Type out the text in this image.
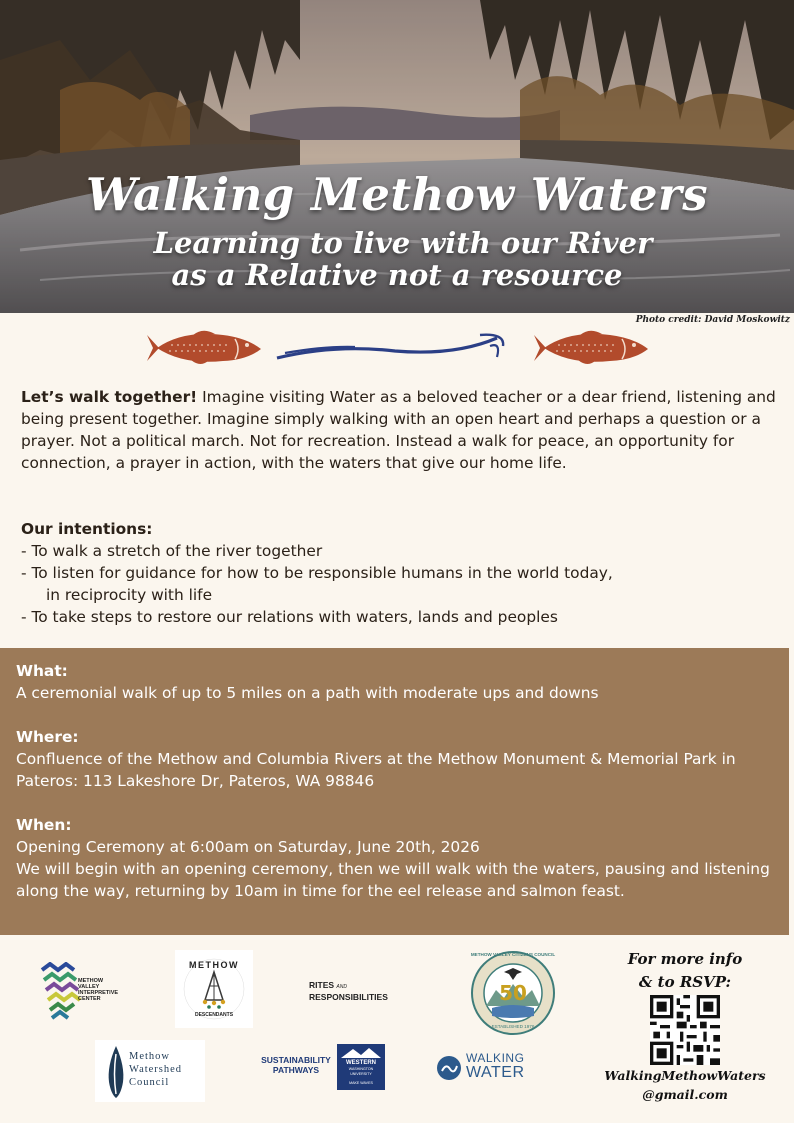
Walking Methow Waters
Learning to live with our River
as a Relative not a resource
Photo credit: David Moskowitz
Let’s walk together! Imagine visiting Water as a beloved teacher or a dear friend, listening and being present together. Imagine simply walking with an open heart and perhaps a question or a prayer. Not a political march. Not for recreation. Instead a walk for peace, an opportunity for connection, a prayer in action, with the waters that give our home life.
Our intentions:
- To walk a stretch of the river together
- To listen for guidance for how to be responsible humans in the world today,
in reciprocity with life
- To take steps to restore our relations with waters, lands and peoples
What:
A ceremonial walk of up to 5 miles on a path with moderate ups and downs
Where:
Confluence of the Methow and Columbia Rivers at the Methow Monument & Memorial Park in Pateros: 113 Lakeshore Dr, Pateros, WA 98846
When:
Opening Ceremony at 6:00am on Saturday, June 20th, 2026
We will begin with an opening ceremony, then we will walk with the waters, pausing and listening along the way, returning by 10am in time for the eel release and salmon feast.
METHOW
VALLEY
INTERPRETIVE
CENTER
METHOW
DESCENDANTS
RITES AND
RESPONSIBILITIES	50
METHOW VALLEY CITIZENS COUNCIL
ESTABLISHED 1976
Methow
Watershed
Council
SUSTAINABILITY
PATHWAYS
WESTERN
WASHINGTON
UNIVERSITY
MAKE WAVES
WALKING
WATER
For more info
& to RSVP:
WalkingMethowWaters
@gmail.com
